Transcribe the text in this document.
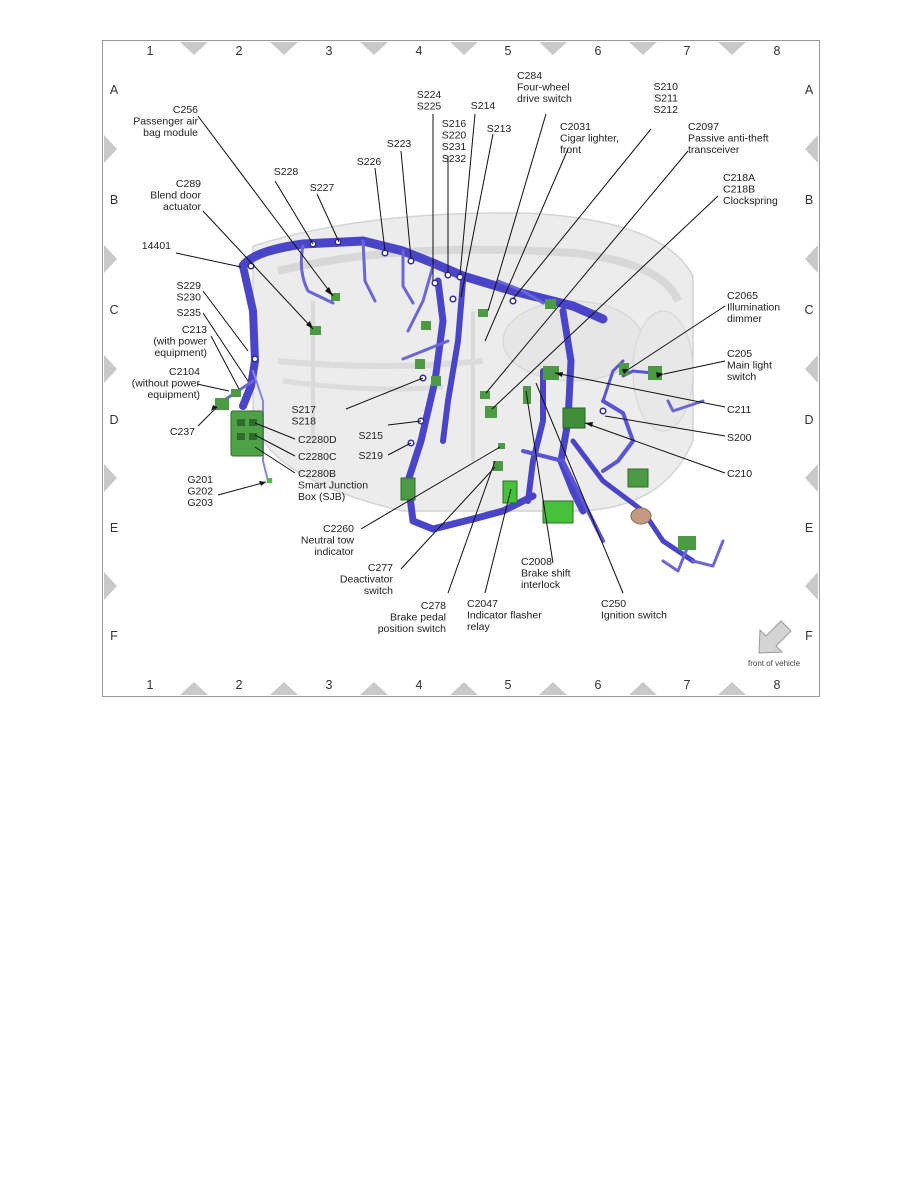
1
1
2
2
3
3
4
4
5
5
6
6
7
7
8
8
A	A
B	B
C	C
D	D
E	E
F	F
C256 Passenger air bag module
C289 Blend door actuator
14401
S228
S227
S226
S223
S224 S225
S216 S220 S231 S232
S214
S213
C284 Four-wheel drive switch
C2031 Cigar lighter, front
S210 S211 S212
C2097 Passive anti-theft transceiver
C218A C218B Clockspring
S229 S230
S235
C213 (with power equipment)
C2104 (without power equipment)
C237
C2280D
C2280C
C2280B Smart Junction Box (SJB)
G201 G202 G203
S217 S218
S215
S219
C2260 Neutral tow indicator
C277 Deactivator switch
C278 Brake pedal position switch
C2047 Indicator flasher relay
C2008 Brake shift interlock
C250 Ignition switch
C2065 Illumination dimmer
C205 Main light switch
C211
S200
C210
front of vehicle
